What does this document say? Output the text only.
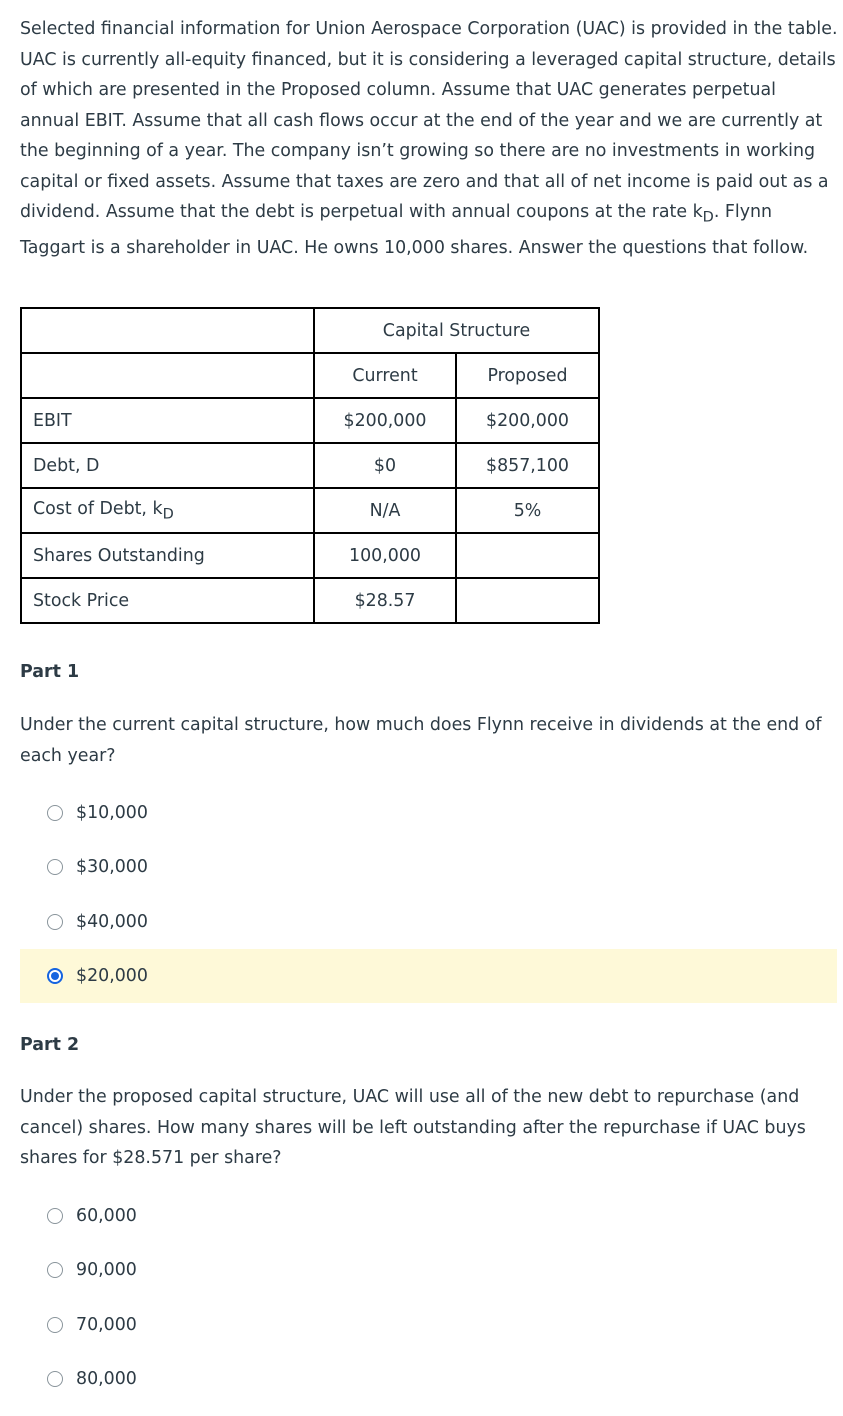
Selected financial information for Union Aerospace Corporation (UAC) is provided in the table. UAC is currently all-equity financed, but it is considering a leveraged capital structure, details of which are presented in the Proposed column. Assume that UAC generates perpetual annual EBIT. Assume that all cash flows occur at the end of the year and we are currently at the beginning of a year. The company isn’t growing so there are no investments in working capital or fixed assets. Assume that taxes are zero and that all of net income is paid out as a dividend. Assume that the debt is perpetual with annual coupons at the rate $k_D$. Flynn Taggart is a shareholder in UAC. He owns 10,000 shares. Answer the questions that follow.

	Capital Structure	
	Current	Proposed
EBIT	$200,000	$200,000
Debt, D	$0	$857,100
Cost of Debt, $k_D$	N/A	5%
Shares Outstanding	100,000	
Stock Price	$28.57	
Part 1

Under the current capital structure, how much does Flynn receive in dividends at the end of each year?

$10,000
$30,000
$40,000
$20,000
Part 2

Under the proposed capital structure, UAC will use all of the new debt to repurchase (and cancel) shares. How many shares will be left outstanding after the repurchase if UAC buys shares for $28.571 per share?

60,000
90,000
70,000
80,000
